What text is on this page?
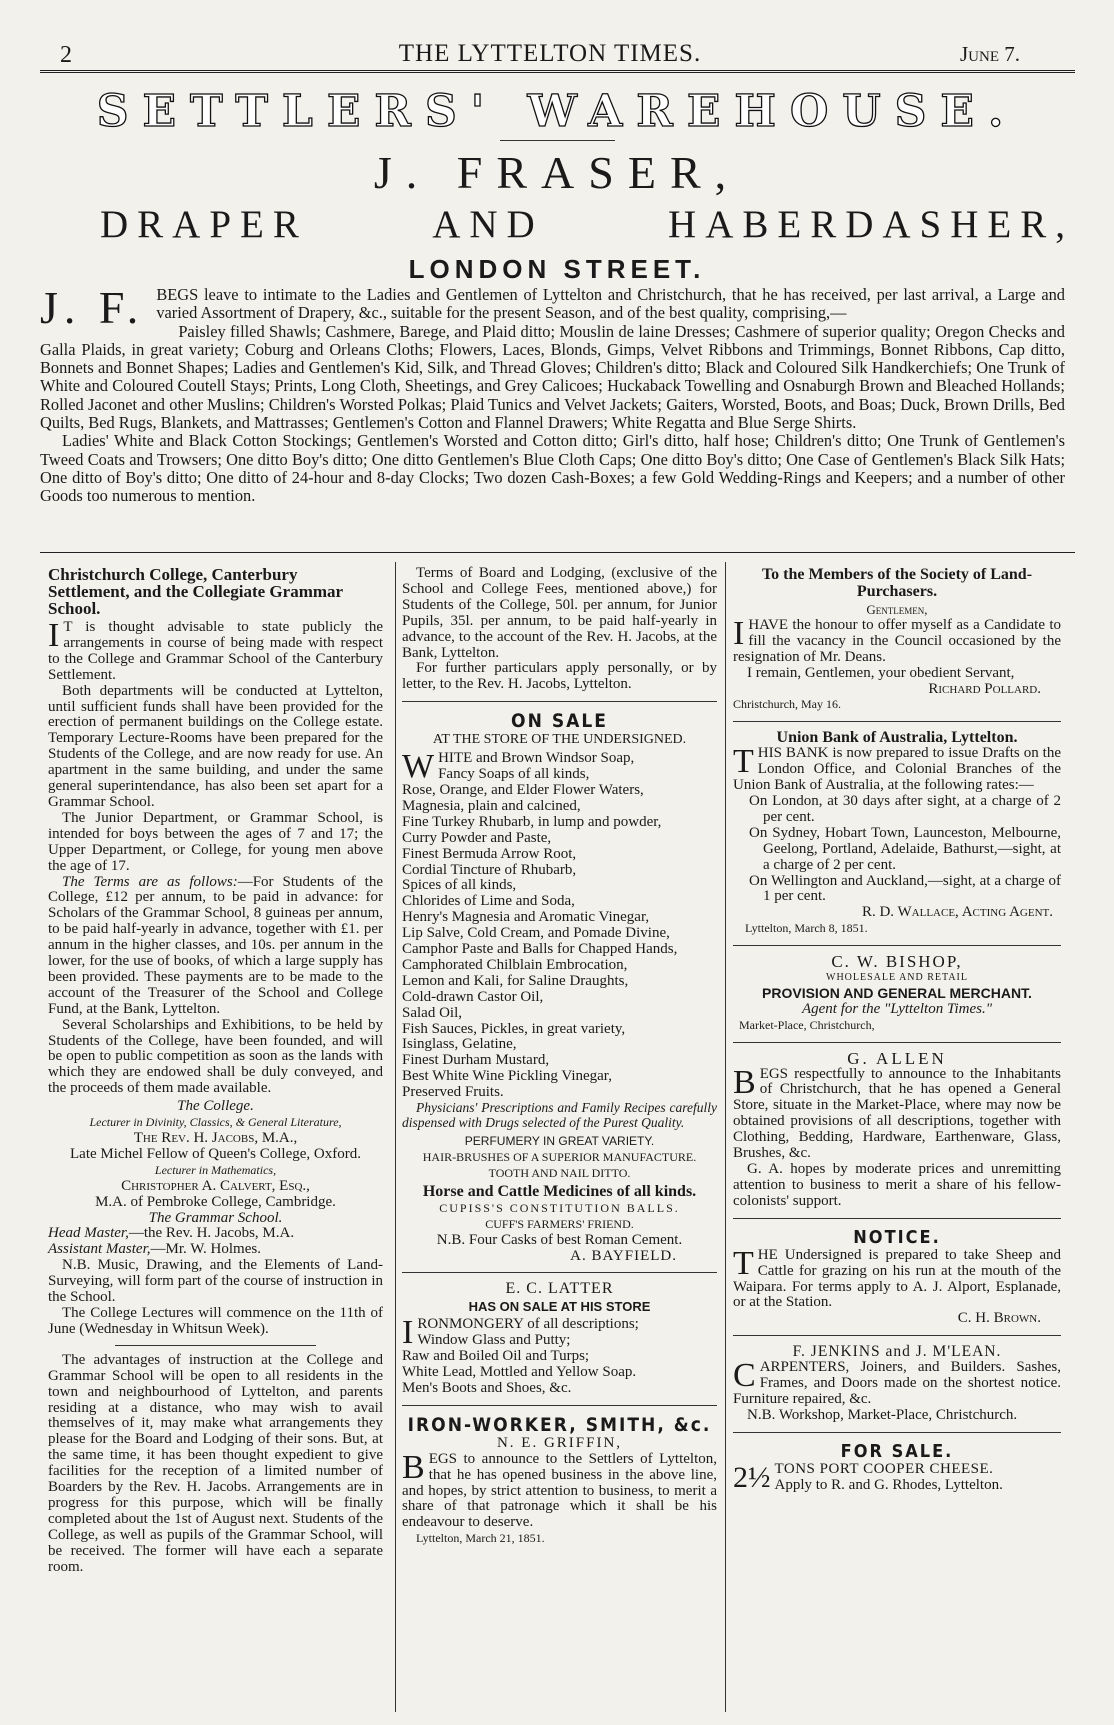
2	THE LYTTELTON TIMES.	June 7.
SETTLERS' WAREHOUSE.
J. FRASER,
DRAPER	AND	HABERDASHER,
LONDON STREET.

J. F. BEGS leave to intimate to the Ladies and Gentlemen of Lyttelton and Christchurch, that he has received, per last arrival, a Large and varied Assortment of Drapery, &c., suitable for the present Season, and of the best quality, comprising,—

Paisley filled Shawls; Cashmere, Barege, and Plaid ditto; Mouslin de laine Dresses; Cashmere of superior quality; Oregon Checks and Galla Plaids, in great variety; Coburg and Orleans Cloths; Flowers, Laces, Blonds, Gimps, Velvet Ribbons and Trimmings, Bonnet Ribbons, Cap ditto, Bonnets and Bonnet Shapes; Ladies and Gentlemen's Kid, Silk, and Thread Gloves; Children's ditto; Black and Coloured Silk Handkerchiefs; One Trunk of White and Coloured Coutell Stays; Prints, Long Cloth, Sheetings, and Grey Calicoes; Huckaback Towelling and Osnaburgh Brown and Bleached Hollands; Rolled Jaconet and other Muslins; Children's Worsted Polkas; Plaid Tunics and Velvet Jackets; Gaiters, Worsted, Boots, and Boas; Duck, Brown Drills, Bed Quilts, Bed Rugs, Blankets, and Mattrasses; Gentlemen's Cotton and Flannel Drawers; White Regatta and Blue Serge Shirts.

Ladies' White and Black Cotton Stockings; Gentlemen's Worsted and Cotton ditto; Girl's ditto, half hose; Children's ditto; One Trunk of Gentlemen's Tweed Coats and Trowsers; One ditto Boy's ditto; One ditto Gentlemen's Blue Cloth Caps; One ditto Boy's ditto; One Case of Gentlemen's Black Silk Hats; One ditto of Boy's ditto; One ditto of 24-hour and 8-day Clocks; Two dozen Cash-Boxes; a few Gold Wedding-Rings and Keepers; and a number of other Goods too numerous to mention.

Christchurch College, Canterbury Settlement, and the Collegiate Grammar School.

I T is thought advisable to state publicly the arrangements in course of being made with respect to the College and Grammar School of the Canterbury Settlement.

Both departments will be conducted at Lyttelton, until sufficient funds shall have been provided for the erection of permanent buildings on the College estate. Temporary Lecture-Rooms have been prepared for the Students of the College, and are now ready for use. An apartment in the same building, and under the same general superintendance, has also been set apart for a Grammar School.

The Junior Department, or Grammar School, is intended for boys between the ages of 7 and 17; the Upper Department, or College, for young men above the age of 17.

The Terms are as follows:—For Students of the College, £12 per annum, to be paid in advance: for Scholars of the Grammar School, 8 guineas per annum, to be paid half-yearly in advance, together with £1. per annum in the higher classes, and 10s. per annum in the lower, for the use of books, of which a large supply has been provided. These payments are to be made to the account of the Treasurer of the School and College Fund, at the Bank, Lyttelton.

Several Scholarships and Exhibitions, to be held by Students of the College, have been founded, and will be open to public competition as soon as the lands with which they are endowed shall be duly conveyed, and the proceeds of them made available.

The College.

Lecturer in Divinity, Classics, & General Literature,

The Rev. H. Jacobs, M.A.,

Late Michel Fellow of Queen's College, Oxford.

Lecturer in Mathematics,

Christopher A. Calvert, Esq.,

M.A. of Pembroke College, Cambridge.

The Grammar School.

Head Master,—the Rev. H. Jacobs, M.A.

Assistant Master,—Mr. W. Holmes.

N.B. Music, Drawing, and the Elements of Land-Surveying, will form part of the course of instruction in the School.

The College Lectures will commence on the 11th of June (Wednesday in Whitsun Week).

The advantages of instruction at the College and Grammar School will be open to all residents in the town and neighbourhood of Lyttelton, and parents residing at a distance, who may wish to avail themselves of it, may make what arrangements they please for the Board and Lodging of their sons. But, at the same time, it has been thought expedient to give facilities for the reception of a limited number of Boarders by the Rev. H. Jacobs. Arrangements are in progress for this purpose, which will be finally completed about the 1st of August next. Students of the College, as well as pupils of the Grammar School, will be received. The former will have each a separate room.

Terms of Board and Lodging, (exclusive of the School and College Fees, mentioned above,) for Students of the College, 50l. per annum, for Junior Pupils, 35l. per annum, to be paid half-yearly in advance, to the account of the Rev. H. Jacobs, at the Bank, Lyttelton.

For further particulars apply personally, or by letter, to the Rev. H. Jacobs, Lyttelton.

ON SALE

AT THE STORE OF THE UNDERSIGNED.

W HITE and Brown Windsor Soap,
Fancy Soaps of all kinds,
Rose, Orange, and Elder Flower Waters,
Magnesia, plain and calcined,
Fine Turkey Rhubarb, in lump and powder,
Curry Powder and Paste,
Finest Bermuda Arrow Root,
Cordial Tincture of Rhubarb,
Spices of all kinds,
Chlorides of Lime and Soda,
Henry's Magnesia and Aromatic Vinegar,
Lip Salve, Cold Cream, and Pomade Divine,
Camphor Paste and Balls for Chapped Hands,
Camphorated Chilblain Embrocation,
Lemon and Kali, for Saline Draughts,
Cold-drawn Castor Oil,
Salad Oil,
Fish Sauces, Pickles, in great variety,
Isinglass, Gelatine,
Finest Durham Mustard,
Best White Wine Pickling Vinegar,
Preserved Fruits.

Physicians' Prescriptions and Family Recipes carefully dispensed with Drugs selected of the Purest Quality.

PERFUMERY IN GREAT VARIETY.

HAIR-BRUSHES OF A SUPERIOR MANUFACTURE.

TOOTH AND NAIL DITTO.

Horse and Cattle Medicines of all kinds.

CUPISS'S CONSTITUTION BALLS.

CUFF'S FARMERS' FRIEND.

N.B. Four Casks of best Roman Cement.

A. BAYFIELD.

E. C. LATTER

HAS ON SALE AT HIS STORE

I RONMONGERY of all descriptions;
Window Glass and Putty;
Raw and Boiled Oil and Turps;
White Lead, Mottled and Yellow Soap.
Men's Boots and Shoes, &c.

IRON-WORKER, SMITH, &c.

N. E. GRIFFIN,

BEGS to announce to the Settlers of Lyttelton, that he has opened business in the above line, and hopes, by strict attention to business, to merit a share of that patronage which it shall be his endeavour to deserve.

Lyttelton, March 21, 1851.

To the Members of the Society of Land-Purchasers.

Gentlemen,

IHAVE the honour to offer myself as a Candidate to fill the vacancy in the Council occasioned by the resignation of Mr. Deans.

I remain, Gentlemen, your obedient Servant,

Richard Pollard.

Christchurch, May 16.

Union Bank of Australia, Lyttelton.

THIS BANK is now prepared to issue Drafts on the London Office, and Colonial Branches of the Union Bank of Australia, at the following rates:—

On London, at 30 days after sight, at a charge of 2 per cent.

On Sydney, Hobart Town, Launceston, Melbourne, Geelong, Portland, Adelaide, Bathurst,—sight, at a charge of 2 per cent.

On Wellington and Auckland,—sight, at a charge of 1 per cent.

R. D. Wallace, Acting Agent.

Lyttelton, March 8, 1851.

C. W. BISHOP,

WHOLESALE AND RETAIL

PROVISION AND GENERAL MERCHANT.

Agent for the "Lyttelton Times."

Market-Place, Christchurch,

G. ALLEN

BEGS respectfully to announce to the Inhabitants of Christchurch, that he has opened a General Store, situate in the Market-Place, where may now be obtained provisions of all descriptions, together with Clothing, Bedding, Hardware, Earthenware, Glass, Brushes, &c.

G. A. hopes by moderate prices and unremitting attention to business to merit a share of his fellow-colonists' support.

NOTICE.

THE Undersigned is prepared to take Sheep and Cattle for grazing on his run at the mouth of the Waipara. For terms apply to A. J. Alport, Esplanade, or at the Station.

C. H. Brown.

F. JENKINS and J. M'LEAN.

CARPENTERS, Joiners, and Builders. Sashes, Frames, and Doors made on the shortest notice. Furniture repaired, &c.

N.B. Workshop, Market-Place, Christchurch.

FOR SALE.

2½ TONS PORT COOPER CHEESE.

Apply to R. and G. Rhodes, Lyttelton.
